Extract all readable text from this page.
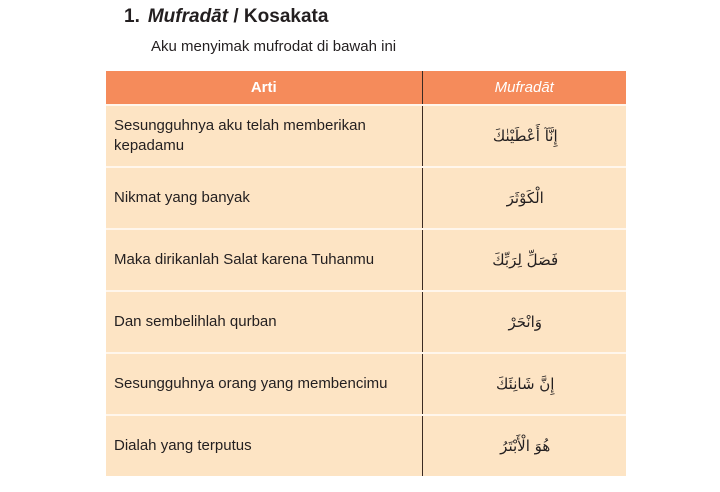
1. Mufradāt / Kosakata
Aku menyimak mufrodat di bawah ini
Arti	Mufradāt
Sesungguhnya aku telah memberikan kepadamu	إِنَّآ أَعْطَيْنٰكَ
Nikmat yang banyak	الْكَوْثَرَ
Maka dirikanlah Salat karena Tuhanmu	فَصَلِّ لِرَبِّكَ
Dan sembelihlah qurban	وَانْحَرْ
Sesungguhnya orang yang membencimu	إِنَّ شَانِئَكَ
Dialah yang terputus	هُوَ الْأَبْتَرُ
